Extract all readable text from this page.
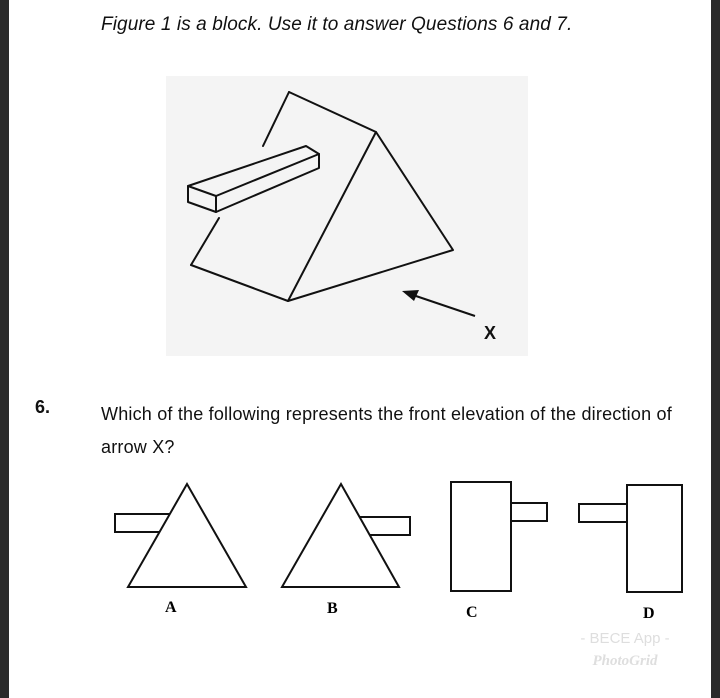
Figure 1 is a block. Use it to answer Questions 6 and 7.
X
6.	Which of the following represents the front elevation of the direction of arrow X?
A	B	C	D
- BECE App -
PhotoGrid
